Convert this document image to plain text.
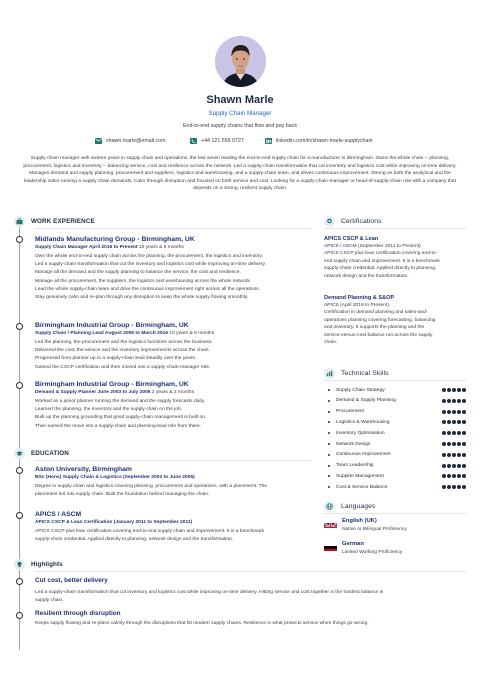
Shawn Marle
Supply Chain Manager
End-to-end supply chains that flow and pay back
shawn.marle@email.com	+44 121 555 0727	linkedin.com/in/shawn-marle-supplychain
Supply chain manager with sixteen years in supply chain and operations, the last seven leading the end-to-end supply chain for a manufacturer in Birmingham. Owns the whole chain -- planning, procurement, logistics and inventory -- balancing service, cost and resilience across the network. Led a supply-chain transformation that cut inventory and logistics cost while improving on-time delivery. Manages demand and supply planning, procurement and suppliers, logistics and warehousing, and a supply-chain team, and drives continuous improvement. Strong on both the analytical and the leadership sides running a supply chain demands. Calm through disruption and focused on both service and cost. Looking for a supply-chain-manager or head-of-supply-chain role with a company that depends on a strong, resilient supply chain.
WORK EXPERIENCE
Midlands Manufacturing Group - Birmingham, UK
Supply Chain Manager April 2016 to Present 10 years & 5 months
Own the whole end-to-end supply chain across the planning, the procurement, the logistics and inventory.
Led a supply-chain transformation that cut the inventory and logistics cost while improving on-time delivery.
Manage all the demand and the supply planning to balance the service, the cost and resilience.
Manage all the procurement, the suppliers, the logistics and warehousing across the whole network.
Lead the whole supply-chain team and drive the continuous improvement right across all the operations.
Stay genuinely calm and re-plan through any disruption to keep the whole supply flowing smoothly.
Birmingham Industrial Group - Birmingham, UK
Supply Chain / Planning Lead August 2005 to March 2016 10 years & 8 months
Led the planning, the procurement and the logistics functions across the business.
Delivered the cost, the service and the inventory improvements across the chain.
Progressed from planner up to a supply-chain lead steadily over the years.
Gained the CSCP certification and then moved into a supply-chain-manager role.
Birmingham Industrial Group - Birmingham, UK
Demand & Supply Planner June 2003 to July 2005 2 years & 2 months
Worked as a junior planner running the demand and the supply forecasts daily.
Learned the planning, the inventory and the supply chain on the job.
Built up the planning grounding that good supply-chain management is built on.
Then earned the move into a supply-chain and planning-lead role from there.
EDUCATION
Aston University, Birmingham
BSc (Hons) Supply Chain & Logistics (September 2002 to June 2005)
Degree in supply chain and logistics covering planning, procurement and operations, with a placement. The
placement led into supply chain. Built the foundation behind managing the chain.
APICS / ASCM
APICS CSCP & Lean Certification (January 2011 to September 2011)
APICS CSCP plus lean certification covering end-to-end supply chain and improvement. It is a benchmark
supply-chain credential. Applied directly to planning, network design and the transformation.
Highlights
Cut cost, better delivery
Led a supply-chain transformation that cut inventory and logistics cost while improving on-time delivery. Hitting service and cost together is the hardest balance in
supply chain.
Resilient through disruption
Keeps supply flowing and re-plans calmly through the disruptions that hit modern supply chains. Resilience is what protects service when things go wrong.
Certifications
APICS CSCP & Lean
APICS / ASCM (September 2011 to Present)
APICS CSCP plus lean certification covering end-to-
end supply chain and improvement. It is a benchmark
supply-chain credential. Applied directly to planning,
network design and the transformation.
Demand Planning & S&OP
APICS (April 2019 to Present)
Certification in demand planning and sales-and-
operations planning covering forecasting, balancing
and inventory. It supports the planning and the
service-versus-cost balance run across the supply
chain.
Technical Skills
Supply Chain Strategy
Demand & Supply Planning
Procurement
Logistics & Warehousing
Inventory Optimisation
Network Design
Continuous Improvement
Team Leadership
Supplier Management
Cost & Service Balance
Languages
English (UK)
Native or Bilingual Proficiency
German
Limited Working Proficiency
